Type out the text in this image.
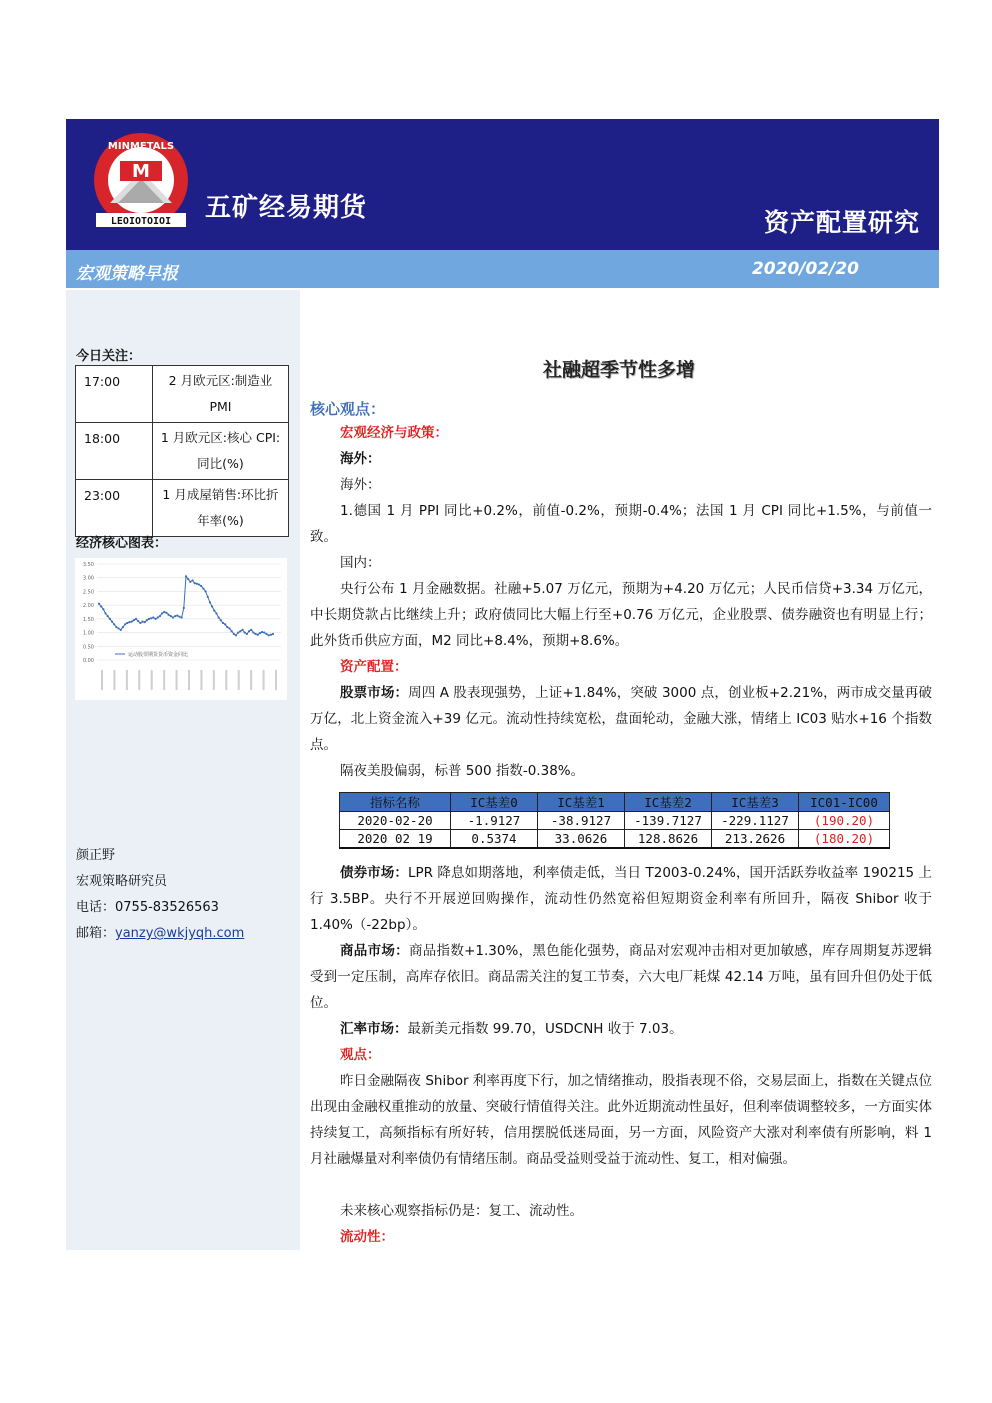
M
MINMETALS
LEOIOTOIOI 五矿经易期货	资产配置研究
宏观策略早报	2020/02/20
今日关注：
17:00	2 月欧元区:制造业 PMI
18:00	1 月欧元区:核心 CPI:同比(%)
23:00	1 月成屋销售:环比折年率(%)
经济核心图表：
3.50
3.00
2.50
2.00
1.50
1.00
0.50
0.00
运动股票期货货币资金同比
颜正野
宏观策略研究员
电话：0755-83526563
邮箱：yanzy@wkjyqh.com
社融超季节性多增
核心观点：
宏观经济与政策：
海外：
海外：
1.德国 1 月 PPI 同比+0.2%，前值-0.2%，预期-0.4%；法国 1 月 CPI 同比+1.5%，与前值一致。
国内：
央行公布 1 月金融数据。社融+5.07 万亿元，预期为+4.20 万亿元；人民币信贷+3.34 万亿元，中长期贷款占比继续上升；政府债同比大幅上行至+0.76 万亿元，企业股票、债券融资也有明显上行；此外货币供应方面，M2 同比+8.4%，预期+8.6%。
资产配置：
股票市场：周四 A 股表现强势，上证+1.84%，突破 3000 点，创业板+2.21%，两市成交量再破万亿，北上资金流入+39 亿元。流动性持续宽松，盘面轮动，金融大涨，情绪上 IC03 贴水+16 个指数点。
隔夜美股偏弱，标普 500 指数-0.38%。
指标名称	IC基差0	IC基差1	IC基差2	IC基差3	IC01-IC00
2020-02-20	-1.9127	-38.9127	-139.7127	-229.1127	(190.20)
2020 02 19	0.5374	33.0626	128.8626	213.2626	(180.20)
债券市场：LPR 降息如期落地，利率债走低，当日 T2003-0.24%，国开活跃券收益率 190215 上行 3.5BP。央行不开展逆回购操作，流动性仍然宽裕但短期资金利率有所回升，隔夜 Shibor 收于 1.40%（-22bp）。
商品市场：商品指数+1.30%，黑色能化强势，商品对宏观冲击相对更加敏感，库存周期复苏逻辑受到一定压制，高库存依旧。商品需关注的复工节奏，六大电厂耗煤 42.14 万吨，虽有回升但仍处于低位。
汇率市场：最新美元指数 99.70，USDCNH 收于 7.03。
观点：
昨日金融隔夜 Shibor 利率再度下行，加之情绪推动，股指表现不俗，交易层面上，指数在关键点位出现由金融权重推动的放量、突破行情值得关注。此外近期流动性虽好，但利率债调整较多，一方面实体持续复工，高频指标有所好转，信用摆脱低迷局面，另一方面，风险资产大涨对利率债有所影响，料 1 月社融爆量对利率债仍有情绪压制。商品受益则受益于流动性、复工，相对偏强。
未来核心观察指标仍是：复工、流动性。
流动性：
